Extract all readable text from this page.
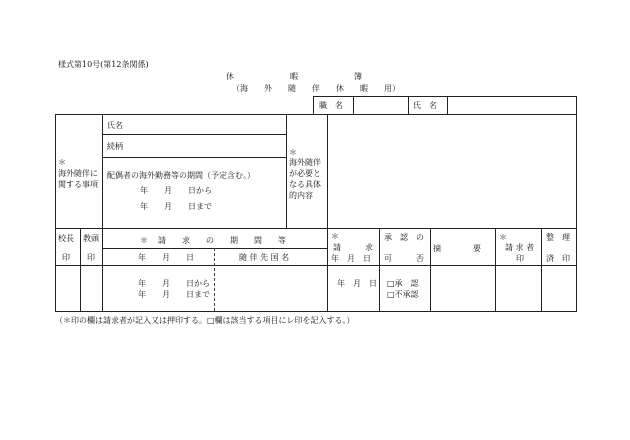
様式第10号(第12条関係)
休　　　　　　　暇　　　　　　　簿
（海　　外　　随　　伴　　休　　暇　　用）
職　名	氏　名
＊
海外随伴に
関する事項
氏名
続柄
配偶者の海外勤務等の期間（予定含む。）
年　　月　　日から
年　　月　　日まで
＊
海外随伴
が必要と
なる具体
的内容
校長 教頭
印 印
＊ 請　　求　　の　　期　　間　　等
年　　月　　日	随 伴 先 国 名
＊
請　　　求
年　月　日
承　認　の
可　　　否
摘　　　　要
＊
請 求 者
印
整　理
済　印
年　　月　　日から
年　　月　　日まで
年　月　日 □承　認
□不承認
（＊印の欄は請求者が記入又は押印する。□欄は該当する項目にレ印を記入する。）
